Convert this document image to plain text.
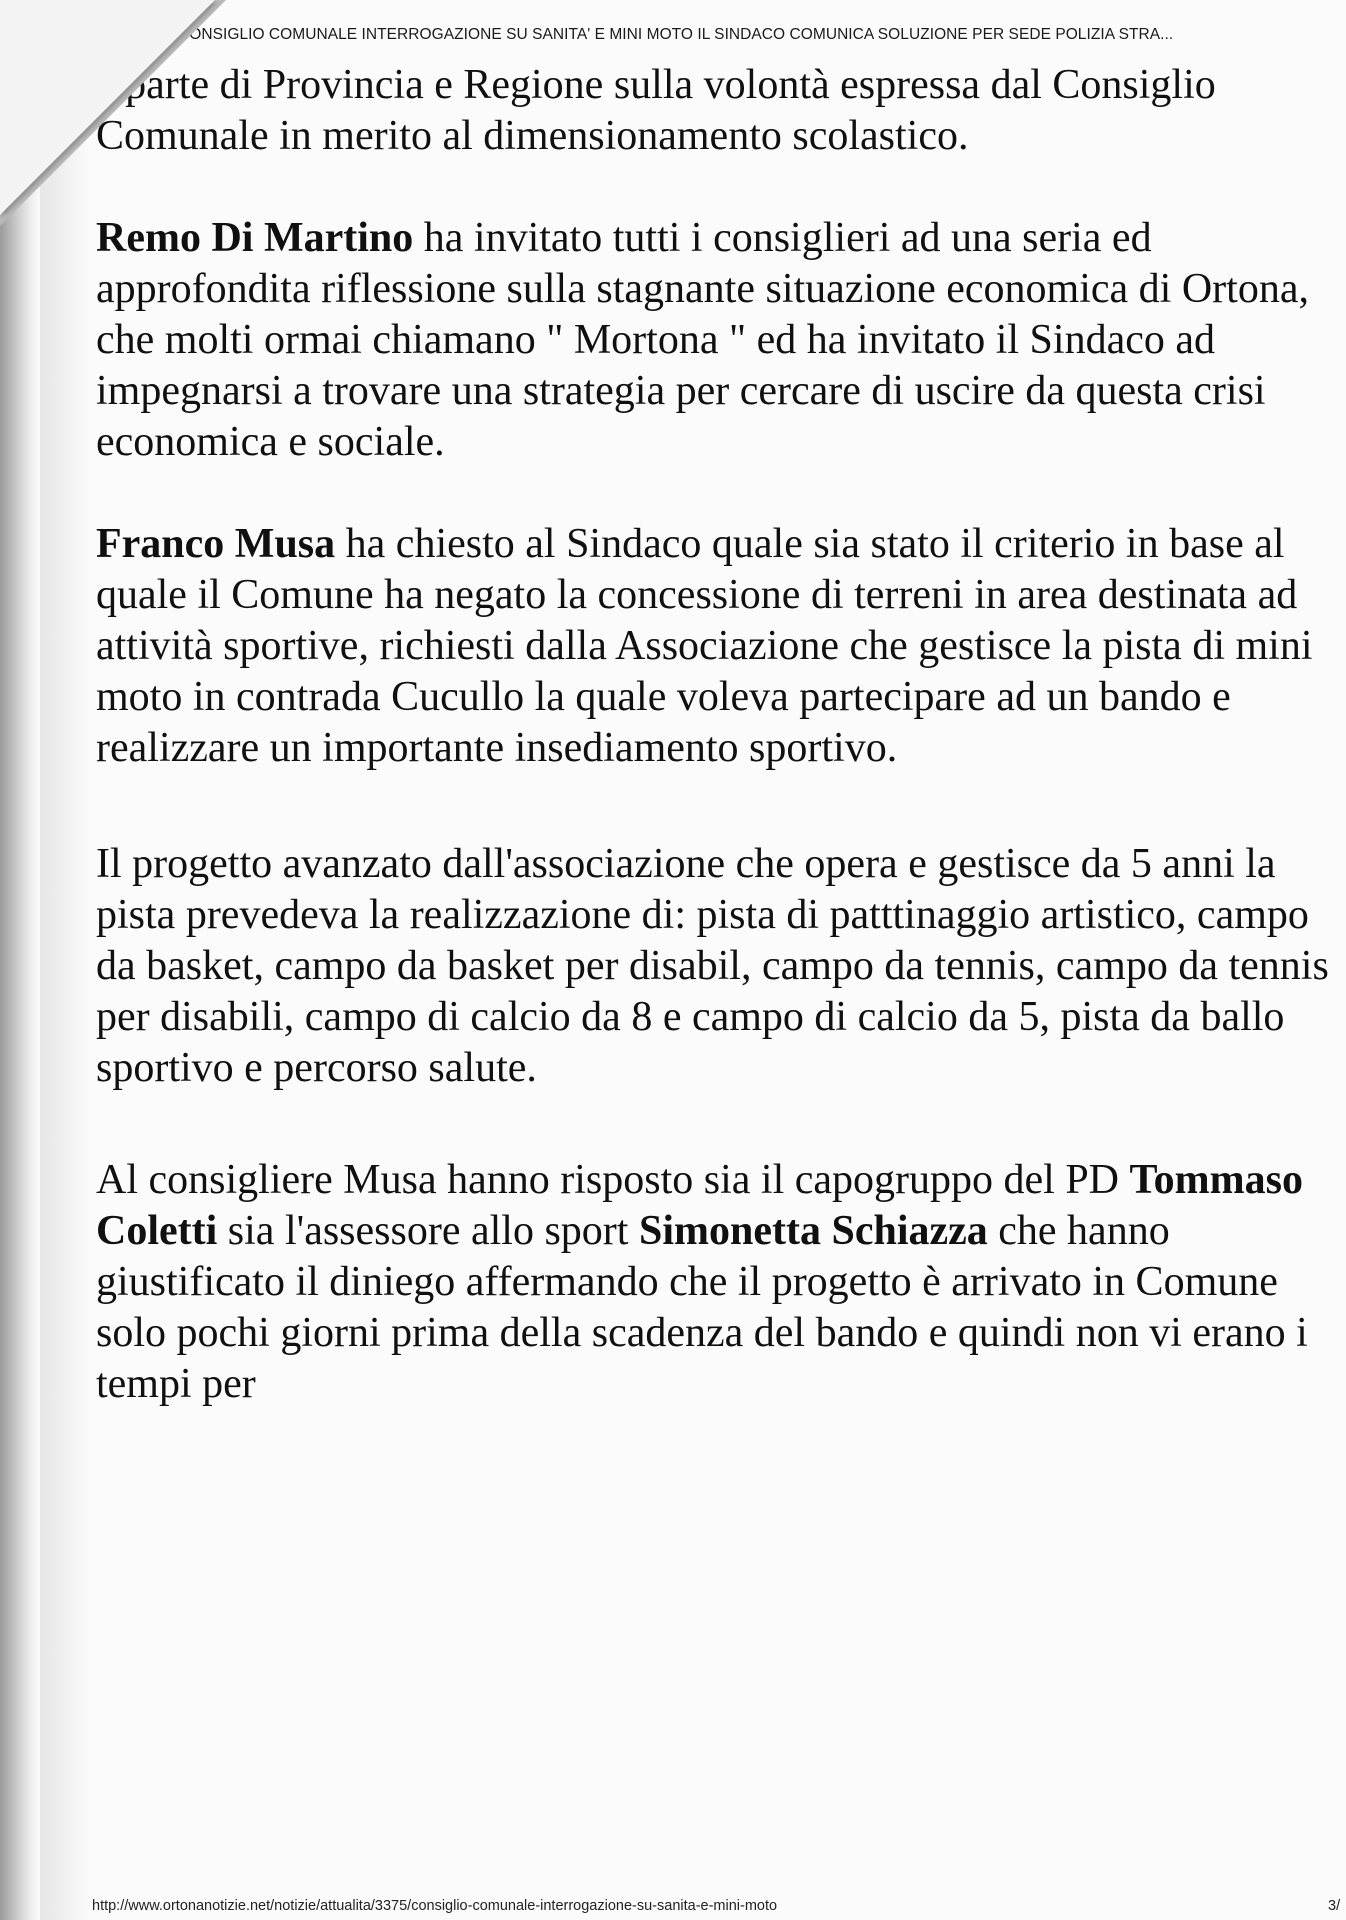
CONSIGLIO COMUNALE INTERROGAZIONE SU SANITA' E MINI MOTO IL SINDACO COMUNICA SOLUZIONE PER SEDE POLIZIA STRA...

a parte di Provincia e Regione sulla volontà espressa dal Consiglio Comunale in merito al dimensionamento scolastico.

Remo Di Martino ha invitato tutti i consiglieri ad una seria ed approfondita riflessione sulla stagnante situazione economica di Ortona, che molti ormai chiamano " Mortona " ed ha invitato il Sindaco ad impegnarsi a trovare una strategia per cercare di uscire da questa crisi economica e sociale.

Franco Musa ha chiesto al Sindaco quale sia stato il criterio in base al quale il Comune ha negato la concessione di terreni in area destinata ad attività sportive, richiesti dalla Associazione che gestisce la pista di mini moto in contrada Cucullo la quale voleva partecipare ad un bando e realizzare un importante insediamento sportivo.

Il progetto avanzato dall'associazione che opera e gestisce da 5 anni la pista prevedeva la realizzazione di: pista di patttinaggio artistico, campo da basket, campo da basket per disabil, campo da tennis, campo da tennis per disabili, campo di calcio da 8 e campo di calcio da 5, pista da ballo sportivo e percorso salute.

Al consigliere Musa hanno risposto sia il capogruppo del PD Tommaso Coletti sia l'assessore allo sport Simonetta Schiazza che hanno giustificato il diniego affermando che il progetto è arrivato in Comune solo pochi giorni prima della scadenza del bando e quindi non vi erano i tempi per

http://www.ortonanotizie.net/notizie/attualita/3375/consiglio-comunale-interrogazione-su-sanita-e-mini-moto	3/
